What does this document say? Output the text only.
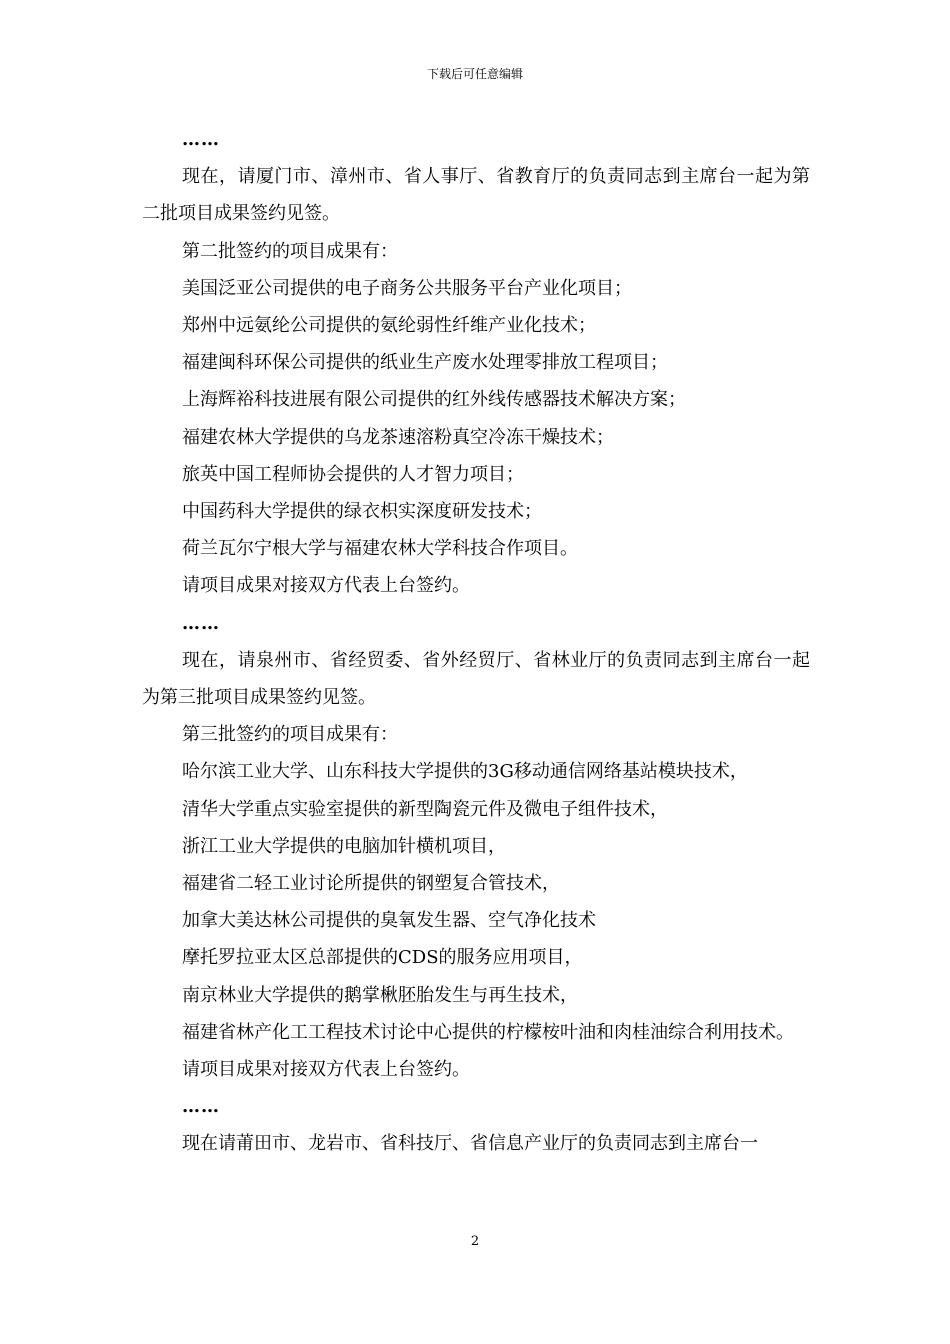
下载后可任意编辑

……

现在，请厦门市、漳州市、省人事厅、省教育厅的负责同志到主席台一起为第二批项目成果签约见签。

第二批签约的项目成果有：

美国泛亚公司提供的电子商务公共服务平台产业化项目；

郑州中远氨纶公司提供的氨纶弱性纤维产业化技术；

福建闽科环保公司提供的纸业生产废水处理零排放工程项目；

上海辉裕科技进展有限公司提供的红外线传感器技术解决方案；

福建农林大学提供的乌龙茶速溶粉真空冷冻干燥技术；

旅英中国工程师协会提供的人才智力项目；

中国药科大学提供的绿衣枳实深度研发技术；

荷兰瓦尔宁根大学与福建农林大学科技合作项目。

请项目成果对接双方代表上台签约。

……

现在，请泉州市、省经贸委、省外经贸厅、省林业厅的负责同志到主席台一起为第三批项目成果签约见签。

第三批签约的项目成果有：

哈尔滨工业大学、山东科技大学提供的3G移动通信网络基站模块技术，

清华大学重点实验室提供的新型陶瓷元件及微电子组件技术，

浙江工业大学提供的电脑加针横机项目，

福建省二轻工业讨论所提供的钢塑复合管技术，

加拿大美达林公司提供的臭氧发生器、空气净化技术

摩托罗拉亚太区总部提供的CDS的服务应用项目，

南京林业大学提供的鹅掌楸胚胎发生与再生技术，

福建省林产化工工程技术讨论中心提供的柠檬桉叶油和肉桂油综合利用技术。

请项目成果对接双方代表上台签约。

……

现在请莆田市、龙岩市、省科技厅、省信息产业厅的负责同志到主席台一

2
